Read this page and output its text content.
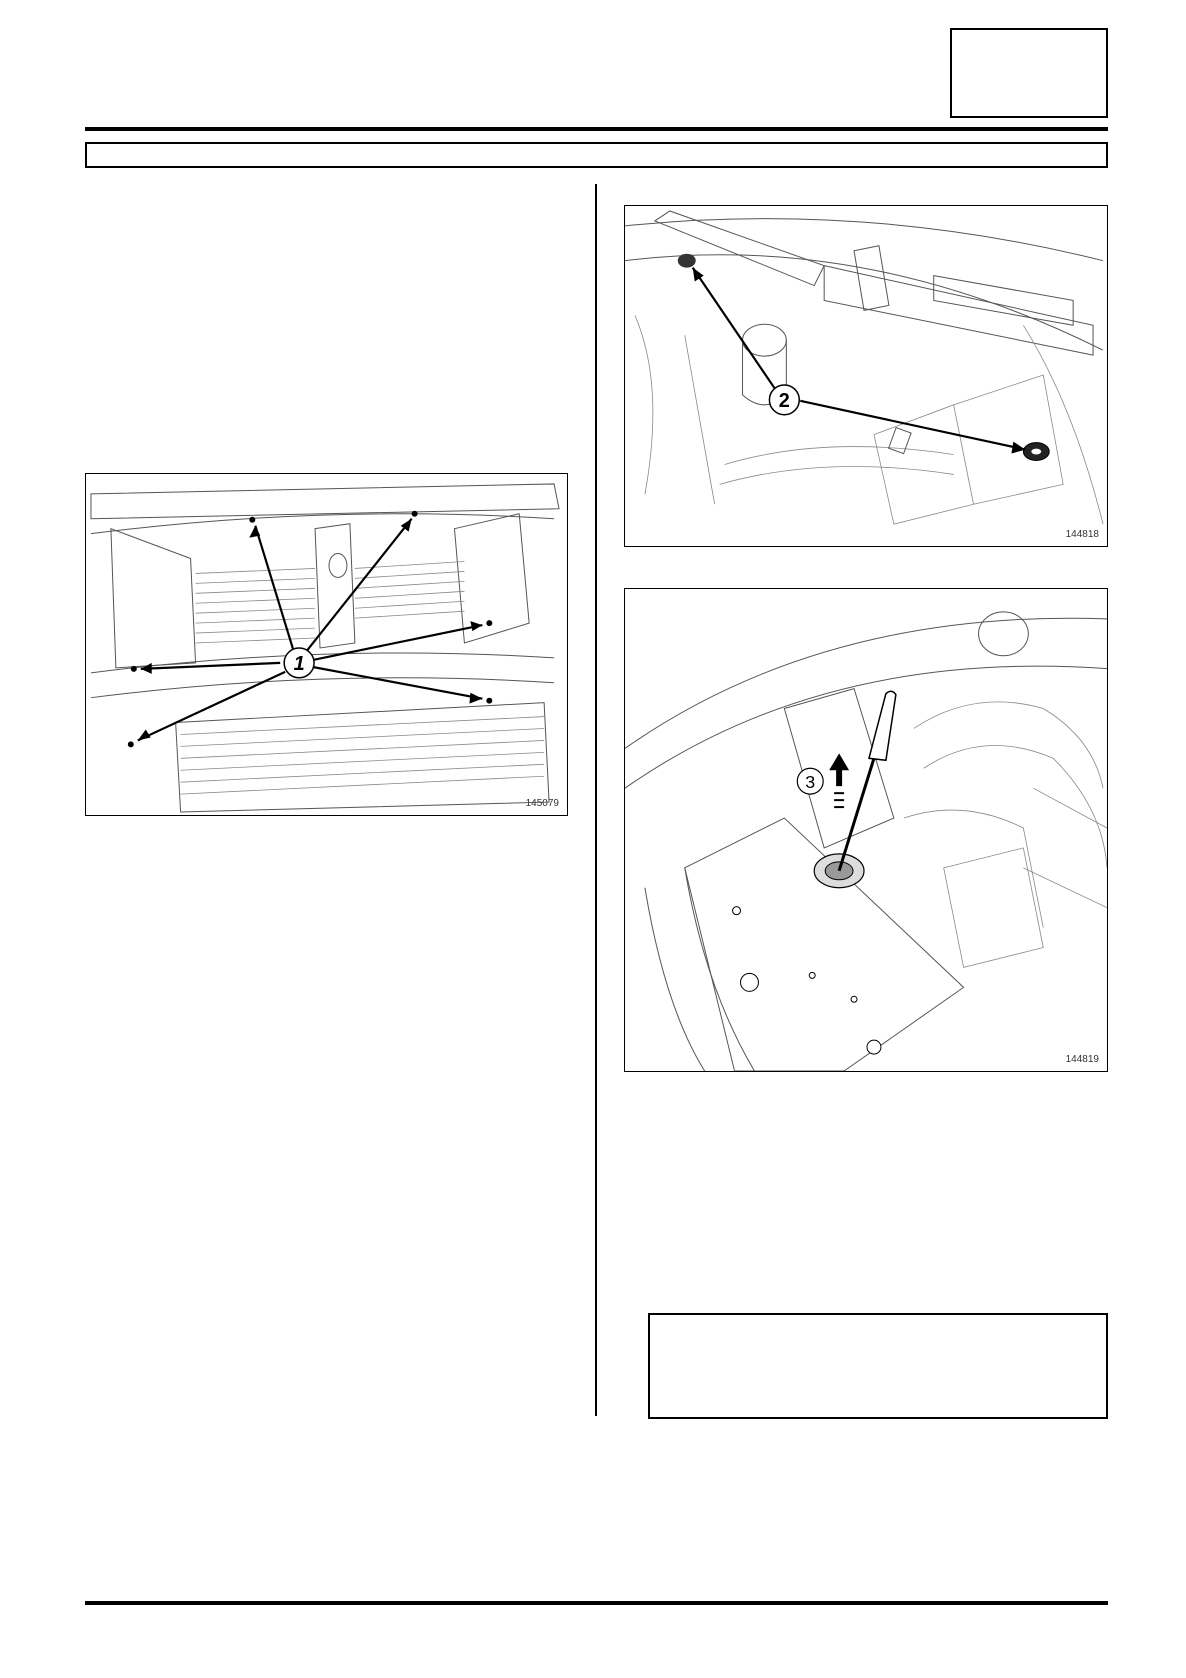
1
145079
2
144818
3
144819
